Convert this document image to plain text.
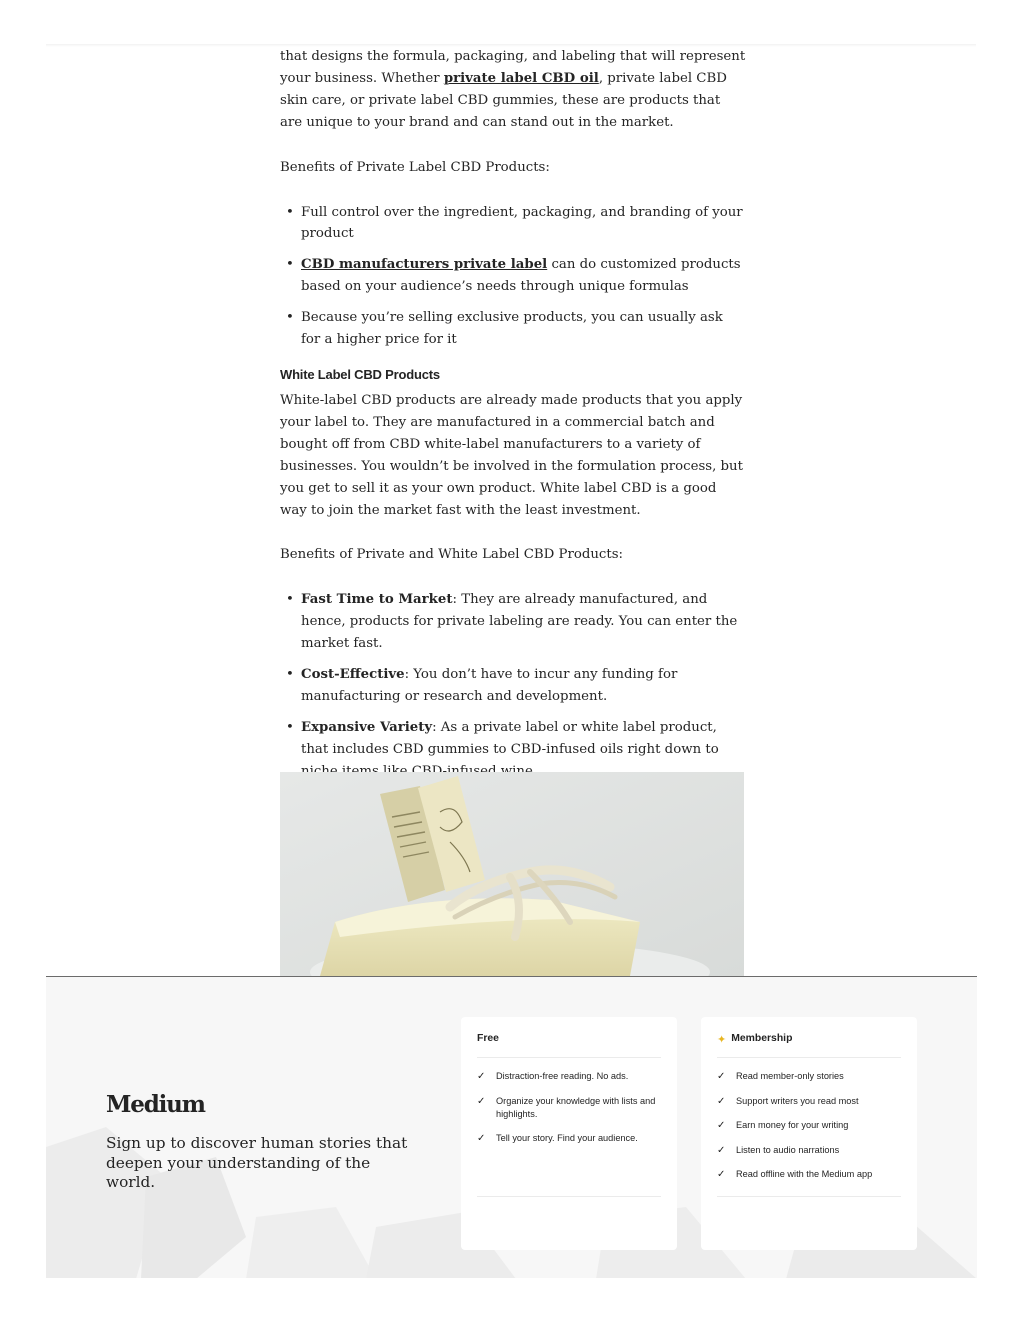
that designs the formula, packaging, and labeling that will represent your business. Whether private label CBD oil, private label CBD skin care, or private label CBD gummies, these are products that are unique to your brand and can stand out in the market.

Benefits of Private Label CBD Products:

• Full control over the ingredient, packaging, and branding of your product
• CBD manufacturers private label can do customized products based on your audience’s needs through unique formulas
• Because you’re selling exclusive products, you can usually ask for a higher price for it
White Label CBD Products

White-label CBD products are already made products that you apply your label to. They are manufactured in a commercial batch and bought off from CBD white-label manufacturers to a variety of businesses. You wouldn’t be involved in the formulation process, but you get to sell it as your own product. White label CBD is a good way to join the market fast with the least investment.

Benefits of Private and White Label CBD Products:

• Fast Time to Market: They are already manufactured, and hence, products for private labeling are ready. You can enter the market fast.
• Cost-Effective: You don’t have to incur any funding for manufacturing or research and development.
• Expansive Variety: As a private label or white label product, that includes CBD gummies to CBD-infused oils right down to
Medium
Sign up to discover human stories that deepen your understanding of the world.
Free
✓	Distraction-free reading. No ads.
✓	Organize your knowledge with lists and highlights.
✓	Tell your story. Find your audience.
✦ Membership
✓	Read member-only stories
✓	Support writers you read most
✓	Earn money for your writing
✓	Listen to audio narrations
✓	Read offline with the Medium app
